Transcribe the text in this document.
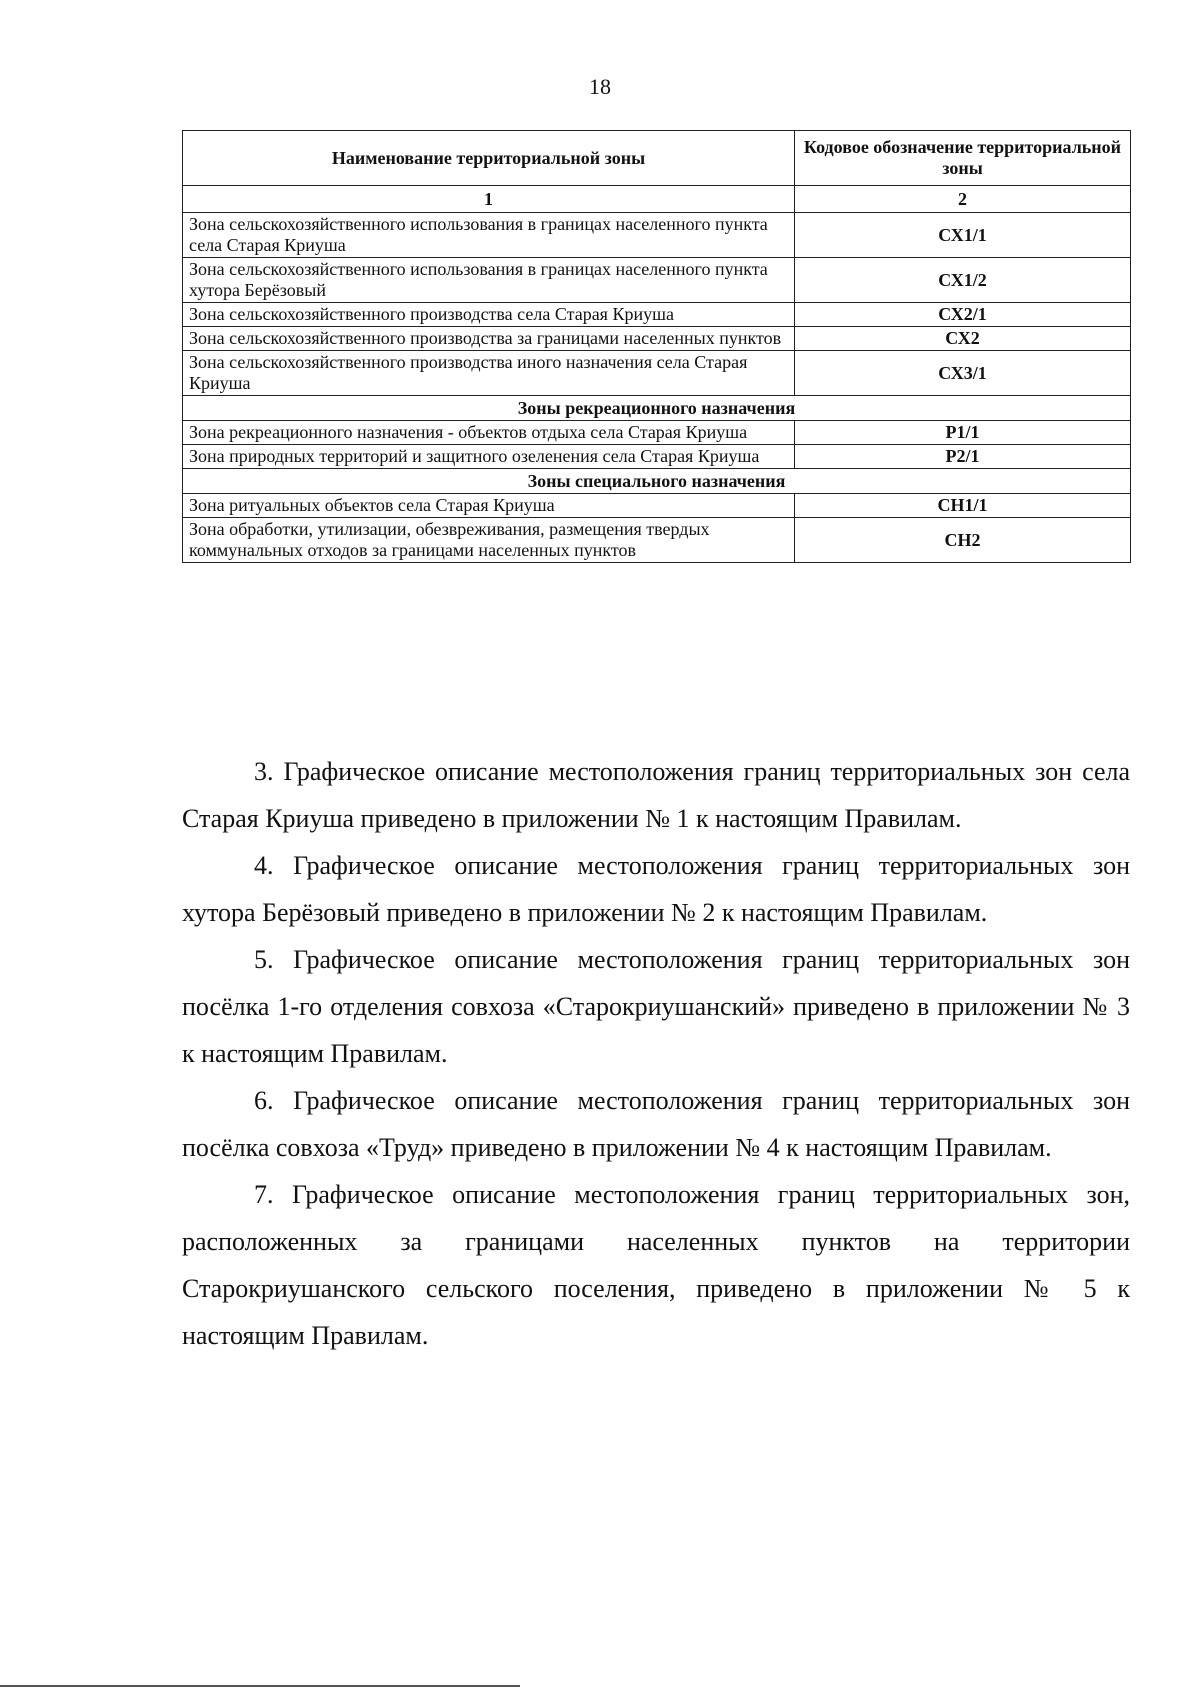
18
Наименование территориальной зоны	Кодовое обозначение территориальной зоны
1	2
Зона сельскохозяйственного использования в границах населенного пункта села Старая Криуша	СХ1/1
Зона сельскохозяйственного использования в границах населенного пункта хутора Берёзовый	СХ1/2
Зона сельскохозяйственного производства села Старая Криуша	СХ2/1
Зона сельскохозяйственного производства за границами населенных пунктов	СХ2
Зона сельскохозяйственного производства иного назначения села Старая Криуша	СХ3/1
Зоны рекреационного назначения	
Зона рекреационного назначения - объектов отдыха села Старая Криуша	Р1/1
Зона природных территорий и защитного озеленения села Старая Криуша	Р2/1
Зоны специального назначения	
Зона ритуальных объектов села Старая Криуша	СН1/1
Зона обработки, утилизации, обезвреживания, размещения твердых коммунальных отходов за границами населенных пунктов	СН2

3. Графическое описание местоположения границ территориальных зон села Старая Криуша приведено в приложении № 1 к настоящим Правилам.

4. Графическое описание местоположения границ территориальных зон хутора Берёзовый приведено в приложении № 2 к настоящим Правилам.

5. Графическое описание местоположения границ территориальных зон посёлка 1-го отделения совхоза «Старокриушанский» приведено в приложении № 3 к настоящим Правилам.

6. Графическое описание местоположения границ территориальных зон посёлка совхоза «Труд» приведено в приложении № 4 к настоящим Правилам.

7. Графическое описание местоположения границ территориальных зон, расположенных за границами населенных пунктов на территории Старокриушанского сельского поселения, приведено в приложении № 5 к настоящим Правилам.
